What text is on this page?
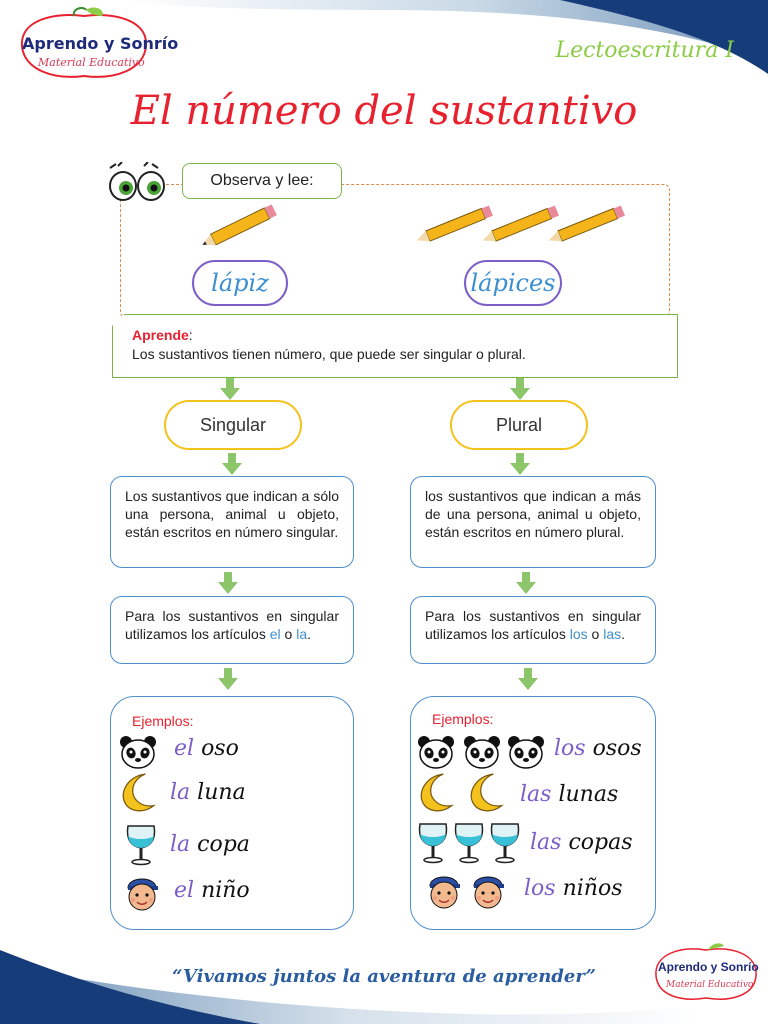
Aprendo y Sonrío
Material Educativo	Lectoescritura I
El número del sustantivo
Observa y lee:
lápiz	lápices
Aprende:
Los sustantivos tienen número, que puede ser singular o plural.
Singular	Plural
Los sustantivos que indican a sólo una persona, animal u objeto, están escritos en número singular.
los sustantivos que indican a más de una persona, animal u objeto, están escritos en número plural.
Para los sustantivos en singular utilizamos los artículos el o la.
Para los sustantivos en singular utilizamos los artículos los o las.
Ejemplos:	Ejemplos:
el oso
la luna
la copa
el niño
los osos
las lunas
las copas
los niños
“Vivamos juntos la aventura de aprender”	Aprendo y Sonrío
Material Educativo
